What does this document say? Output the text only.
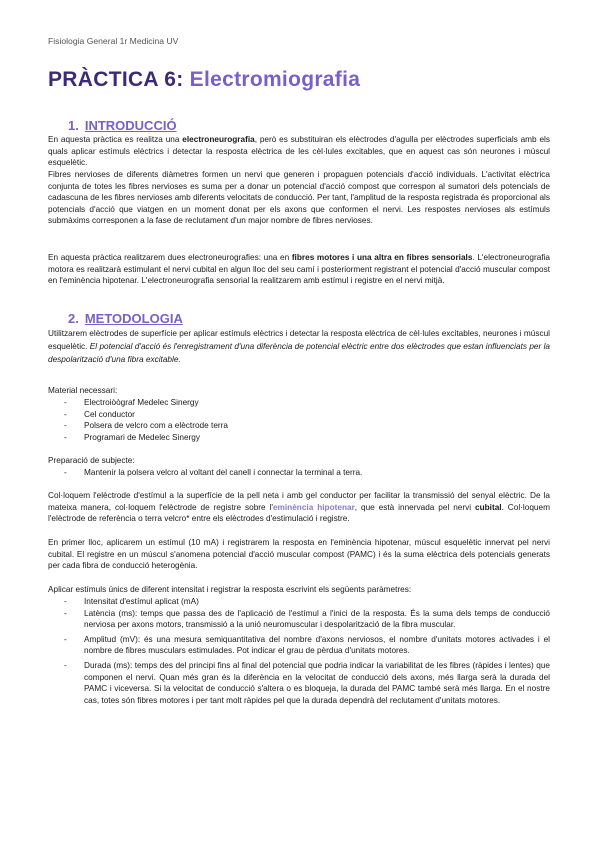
Fisiologia General 1r Medicina UV
PRÀCTICA 6: Electromiografia
1. INTRODUCCIÓ

En aquesta pràctica es realitza una electroneurografia, però es substituiran els elèctrodes d'agulla per elèctrodes superficials amb els quals aplicar estímuls elèctrics i detectar la resposta elèctrica de les cèl·lules excitables, que en aquest cas són neurones i múscul esquelètic.

Fibres nervioses de diferents diàmetres formen un nervi que generen i propaguen potencials d'acció individuals. L'activitat elèctrica conjunta de totes les fibres nervioses es suma per a donar un potencial d'acció compost que correspon al sumatori dels potencials de cadascuna de les fibres nervioses amb diferents velocitats de conducció. Per tant, l'amplitud de la resposta registrada és proporcional als potencials d'acció que viatgen en un moment donat per els axons que conformen el nervi. Les respostes nervioses als estímuls submàxims corresponen a la fase de reclutament d'un major nombre de fibres nervioses.

En aquesta pràctica realitzarem dues electroneurografies: una en fibres motores i una altra en fibres sensorials. L'electroneurografia motora es realitzarà estimulant el nervi cubital en algun lloc del seu camí i posteriorment registrant el potencial d'acció muscular compost en l'eminència hipotenar. L'electroneurografia sensorial la realitzarem amb estímul i registre en el nervi mitjà.

2. METODOLOGIA

Utilitzarem elèctrodes de superfície per aplicar estímuls elèctrics i detectar la resposta elèctrica de cèl·lules excitables, neurones i múscul esquelètic. El potencial d'acció és l'enregistrament d'una diferència de potencial elèctric entre dos elèctrodes que estan influenciats per la despolarització d'una fibra excitable.

Material necessari:
- Electroiòògraf Medelec Sinergy
- Cel conductor
- Polsera de velcro com a elèctrode terra
- Programari de Medelec Sinergy
Preparació de subjecte:
- Mantenir la polsera velcro al voltant del canell i connectar la terminal a terra.

Col·loquem l'elèctrode d'estímul a la superfície de la pell neta i amb gel conductor per facilitar la transmissió del senyal elèctric. De la mateixa manera, col·loquem l'elèctrode de registre sobre l'eminència hipotenar, que està innervada pel nervi cubital. Col·loquem l'elèctrode de referència o terra velcro* entre els elèctrodes d'estimulació i registre.

En primer lloc, aplicarem un estímul (10 mA) i registrarem la resposta en l'eminència hipotenar, múscul esquelètic innervat pel nervi cubital. El registre en un múscul s'anomena potencial d'acció muscular compost (PAMC) i és la suma elèctrica dels potencials generats per cada fibra de conducció heterogènia.

Aplicar estímuls únics de diferent intensitat i registrar la resposta escrivint els següents paràmetres:

- Intensitat d'estímul aplicat (mA)
- Latència (ms): temps que passa des de l'aplicació de l'estímul a l'inici de la resposta. És la suma dels temps de conducció nerviosa per axons motors, transmissió a la unió neuromuscular i despolarització de la fibra muscular.
- Amplitud (mV): és una mesura semiquantitativa del nombre d'axons nerviosos, el nombre d'unitats motores activades i el nombre de fibres musculars estimulades. Pot indicar el grau de pèrdua d'unitats motores.
- Durada (ms): temps des del principi fins al final del potencial que podria indicar la variabilitat de les fibres (ràpides i lentes) que componen el nervi. Quan més gran és la diferència en la velocitat de conducció dels axons, més llarga serà la durada del PAMC i viceversa. Si la velocitat de conducció s'altera o es bloqueja, la durada del PAMC també serà més llarga. En el nostre cas, totes són fibres motores i per tant molt ràpides pel que la durada dependrà del reclutament d'unitats motores.
